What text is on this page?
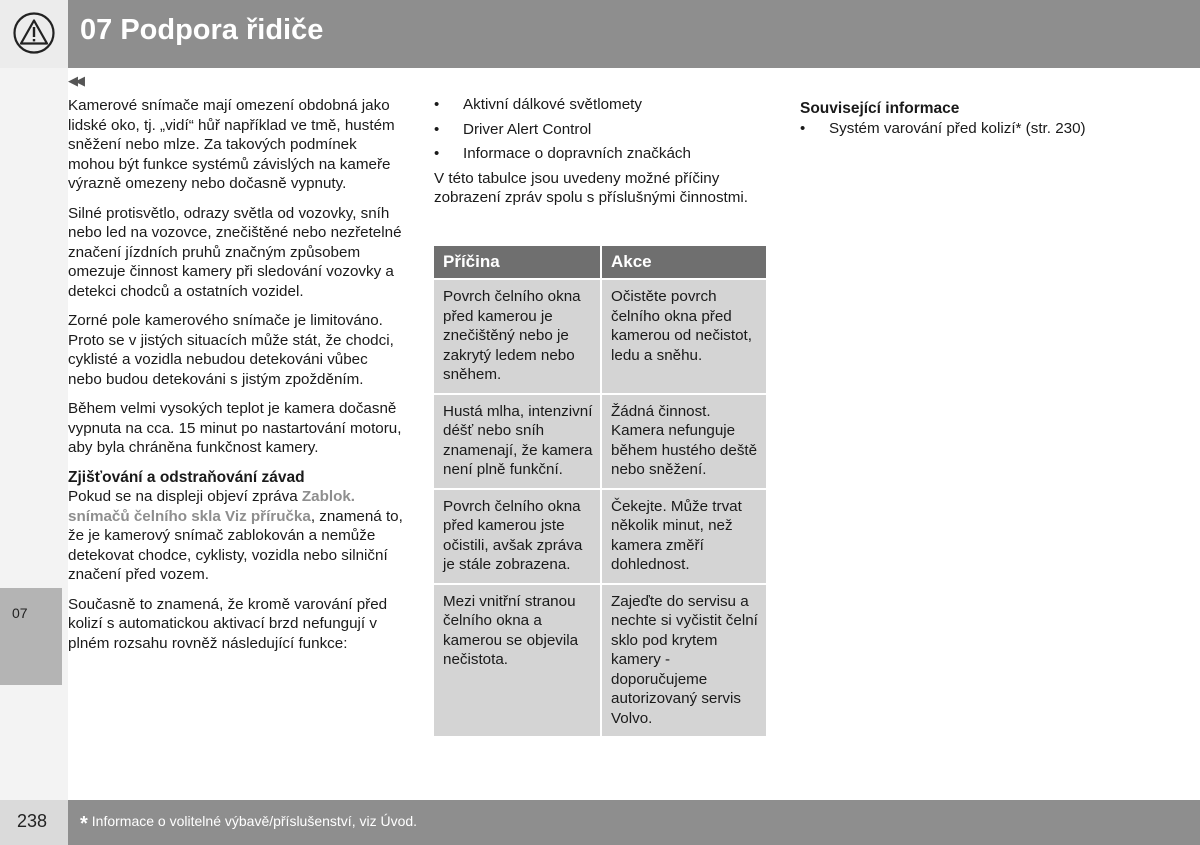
07 Podpora řidiče
07
◀◀

Kamerové snímače mají omezení obdobná jako lidské oko, tj. „vidí“ hůř například ve tmě, hustém sněžení nebo mlze. Za takových podmínek mohou být funkce systémů závislých na kameře výrazně omezeny nebo dočasně vypnuty.

Silné protisvětlo, odrazy světla od vozovky, sníh nebo led na vozovce, znečištěné nebo nezřetelné značení jízdních pruhů značným způsobem omezuje činnost kamery při sledování vozovky a detekci chodců a ostatních vozidel.

Zorné pole kamerového snímače je limitováno. Proto se v jistých situacích může stát, že chodci, cyklisté a vozidla nebudou detekováni vůbec nebo budou detekováni s jistým zpožděním.

Během velmi vysokých teplot je kamera dočasně vypnuta na cca. 15 minut po nastartování motoru, aby byla chráněna funkčnost kamery.

Zjišťování a odstraňování závad

Pokud se na displeji objeví zpráva Zablok. snímačů čelního skla Viz příručka, znamená to, že je kamerový snímač zablokován a nemůže detekovat chodce, cyklisty, vozidla nebo silniční značení před vozem.

Současně to znamená, že kromě varování před kolizí s automatickou aktivací brzd nefungují v plném rozsahu rovněž následující funkce:

• Aktivní dálkové světlomety
• Driver Alert Control
• Informace o dopravních značkách

V této tabulce jsou uvedeny možné příčiny zobrazení zpráv spolu s příslušnými činnostmi.

Příčina	Akce
Povrch čelního okna před kamerou je znečištěný nebo je zakrytý ledem nebo sněhem.	Očistěte povrch čelního okna před kamerou od nečistot, ledu a sněhu.
Hustá mlha, intenzivní déšť nebo sníh znamenají, že kamera není plně funkční.	Žádná činnost. Kamera nefunguje během hustého deště nebo sněžení.
Povrch čelního okna před kamerou jste očistili, avšak zpráva je stále zobrazena.	Čekejte. Může trvat několik minut, než kamera změří dohlednost.
Mezi vnitřní stranou čelního okna a kamerou se objevila nečistota.	Zajeďte do servisu a nechte si vyčistit čelní sklo pod krytem kamery - doporučujeme autorizovaný servis Volvo.
Související informace
• Systém varování před kolizí* (str. 230)
238 * Informace o volitelné výbavě/příslušenství, viz Úvod.
